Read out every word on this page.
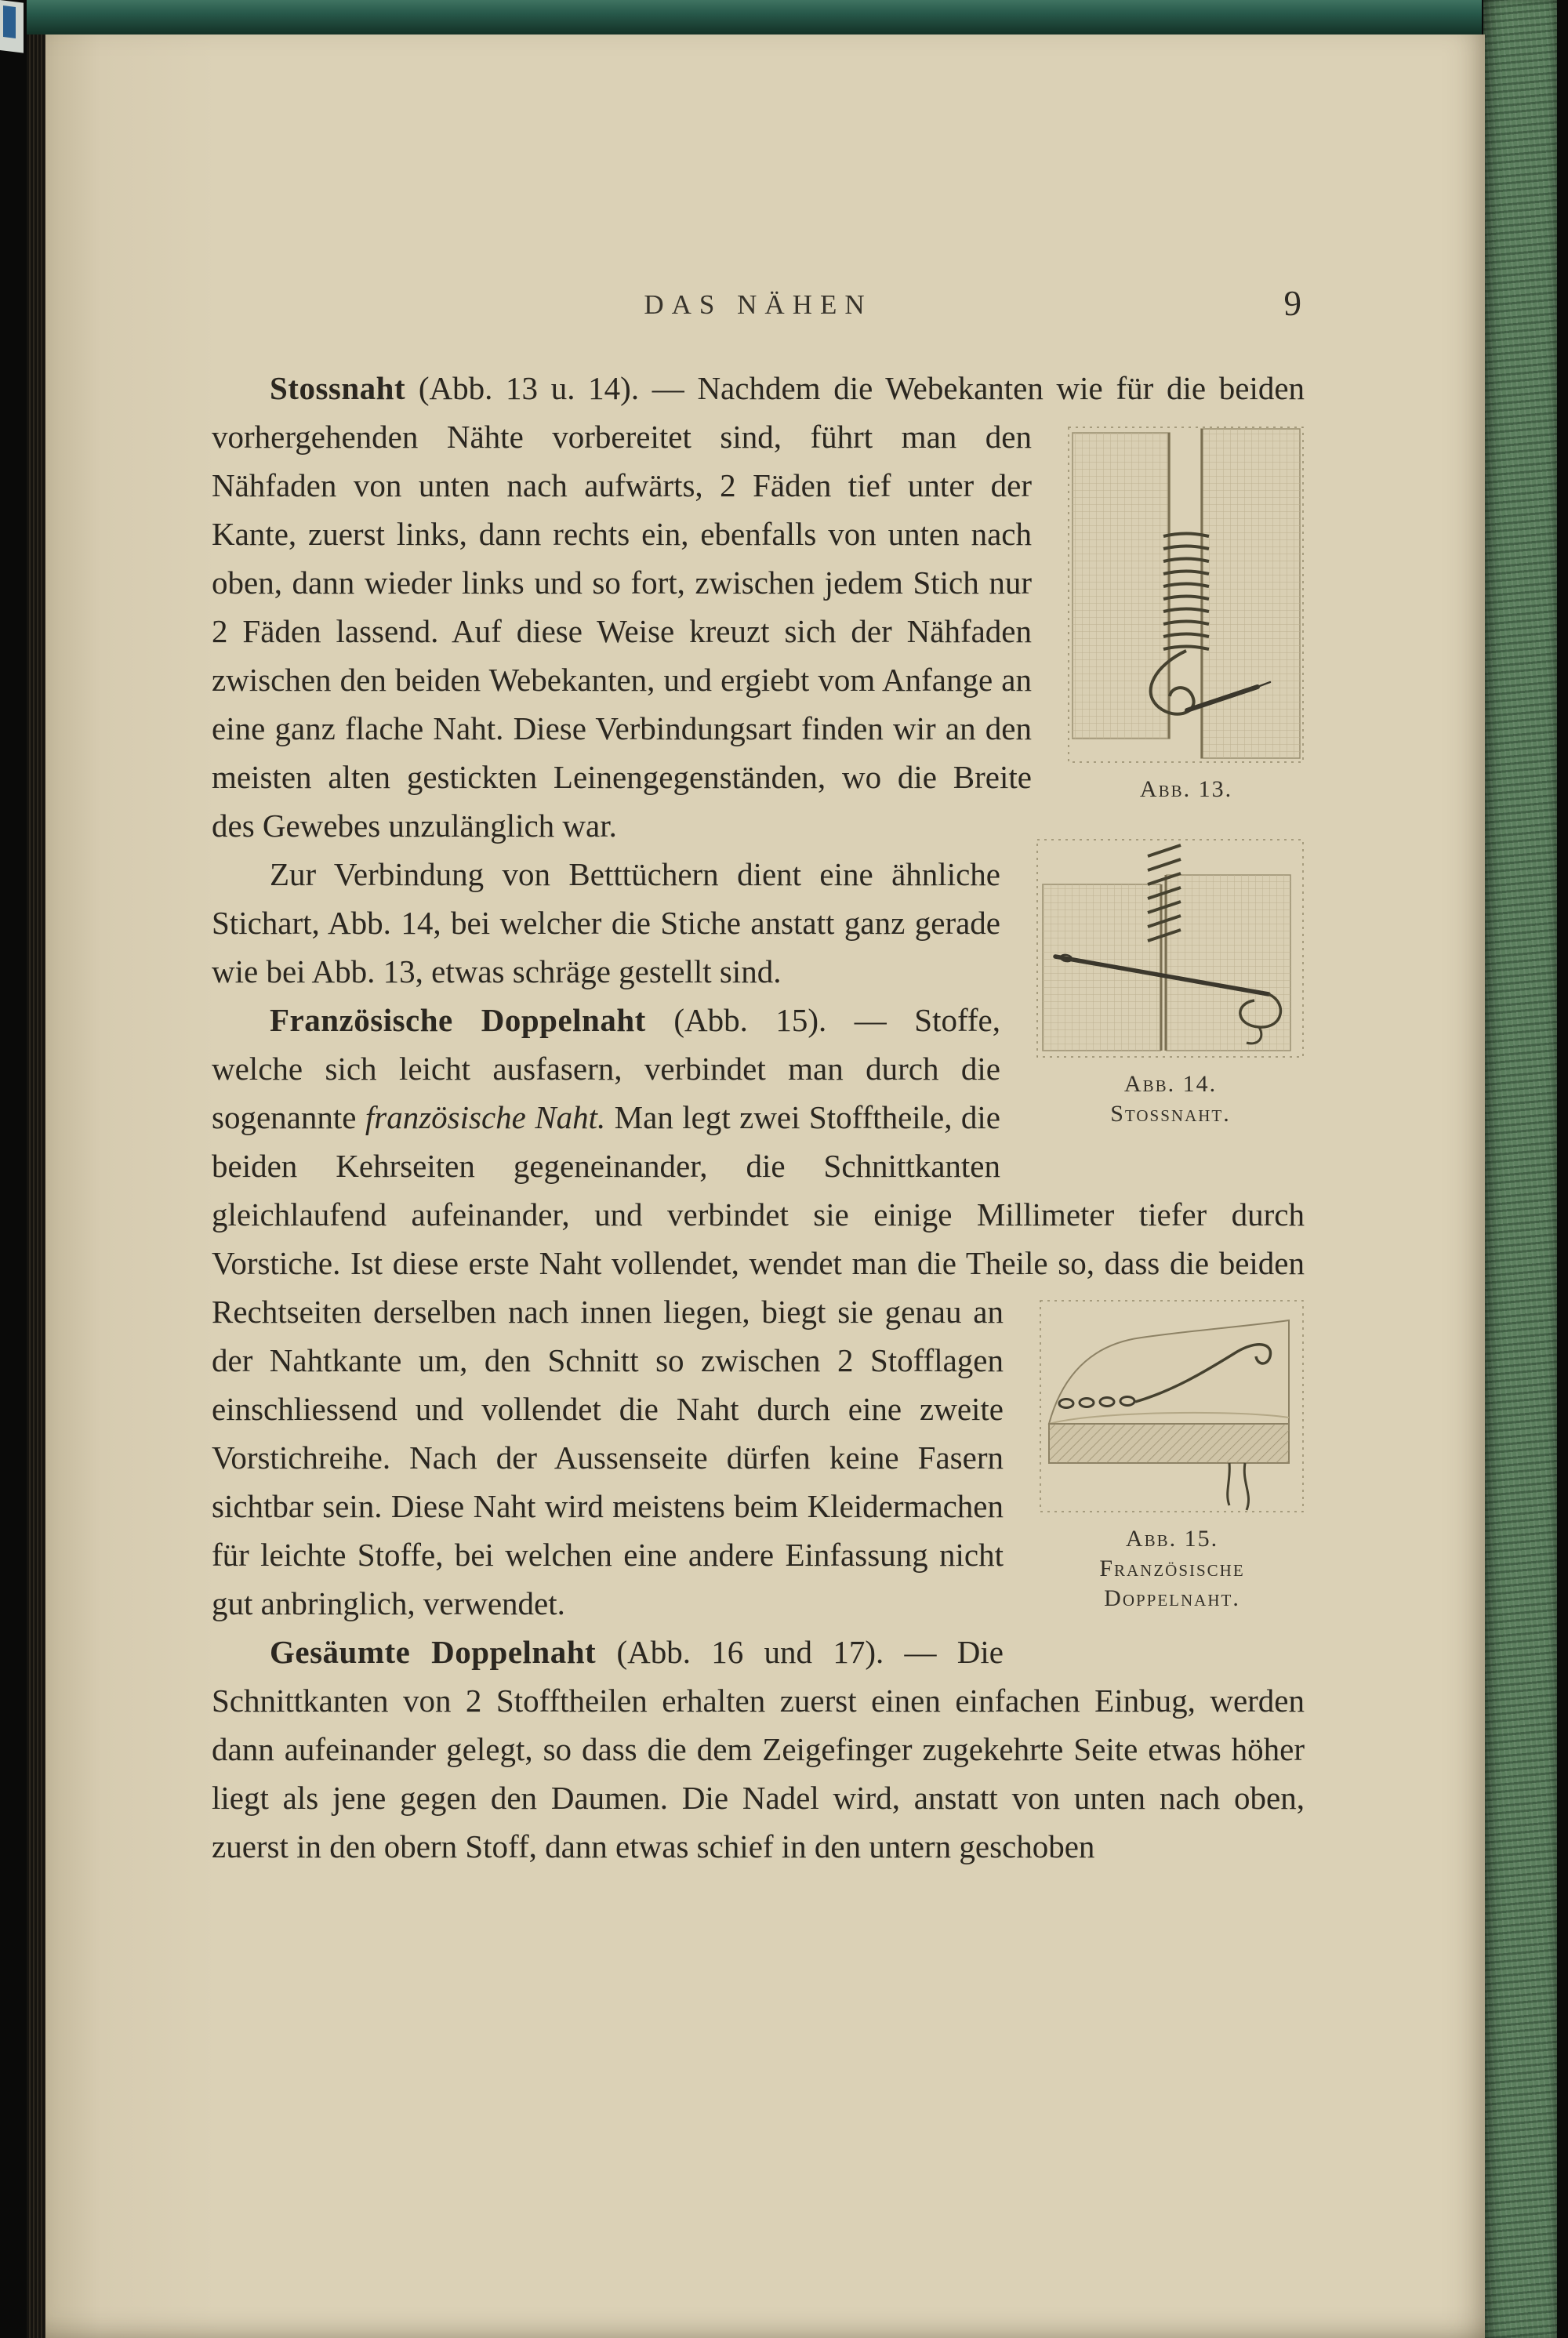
DAS NÄHEN	9
Stossnaht (Abb. 13 u. 14). — Nachdem die Webekanten wie
Abb. 13.
Abb. 14.
Stossnaht.
für die beiden vorhergehenden Nähte vorbereitet sind, führt man den Nähfaden von unten nach aufwärts, 2 Fäden tief unter der Kante, zuerst links, dann rechts ein, ebenfalls von unten nach oben, dann wieder links und so fort, zwischen jedem Stich nur 2 Fäden lassend. Auf diese Weise kreuzt sich der Nähfaden zwischen den beiden Webekanten, und ergiebt vom Anfange an eine ganz flache Naht. Diese Verbindungsart finden wir an den meisten alten gestickten Leinengegenständen, wo die Breite des Gewebes unzulänglich war.
Zur Verbindung von Betttüchern dient eine ähnliche Stichart, Abb. 14, bei welcher die Stiche anstatt ganz gerade wie bei Abb. 13, etwas schräge gestellt sind.
Französische Doppelnaht (Abb. 15). — Stoffe, welche sich leicht ausfasern, verbindet man durch die sogenannte französische Naht. Man legt zwei Stofftheile, die beiden Kehrseiten gegeneinander, die Schnittkanten gleichlaufend aufeinander, und verbindet sie einige Millimeter tiefer durch Vorstiche. Ist diese erste Naht vollendet, wendet man die Theile so, dass
Abb. 15.
Französische
Doppelnaht.
die beiden Rechtseiten derselben nach innen liegen, biegt sie genau an der Nahtkante um, den Schnitt so zwischen 2 Stofflagen einschliessend und vollendet die Naht durch eine zweite Vorstichreihe. Nach der Aussenseite dürfen keine Fasern sichtbar sein. Diese Naht wird meistens beim Kleidermachen für leichte Stoffe, bei welchen eine andere Einfassung nicht gut anbringlich, verwendet.
Gesäumte Doppelnaht (Abb. 16 und 17). — Die Schnittkanten von 2 Stofftheilen erhalten zuerst einen einfachen Einbug, werden dann aufeinander gelegt, so dass die dem Zeigefinger zugekehrte Seite etwas höher liegt als jene gegen den Daumen. Die Nadel wird, anstatt von unten nach oben, zuerst in den obern Stoff, dann etwas schief in den untern geschoben
